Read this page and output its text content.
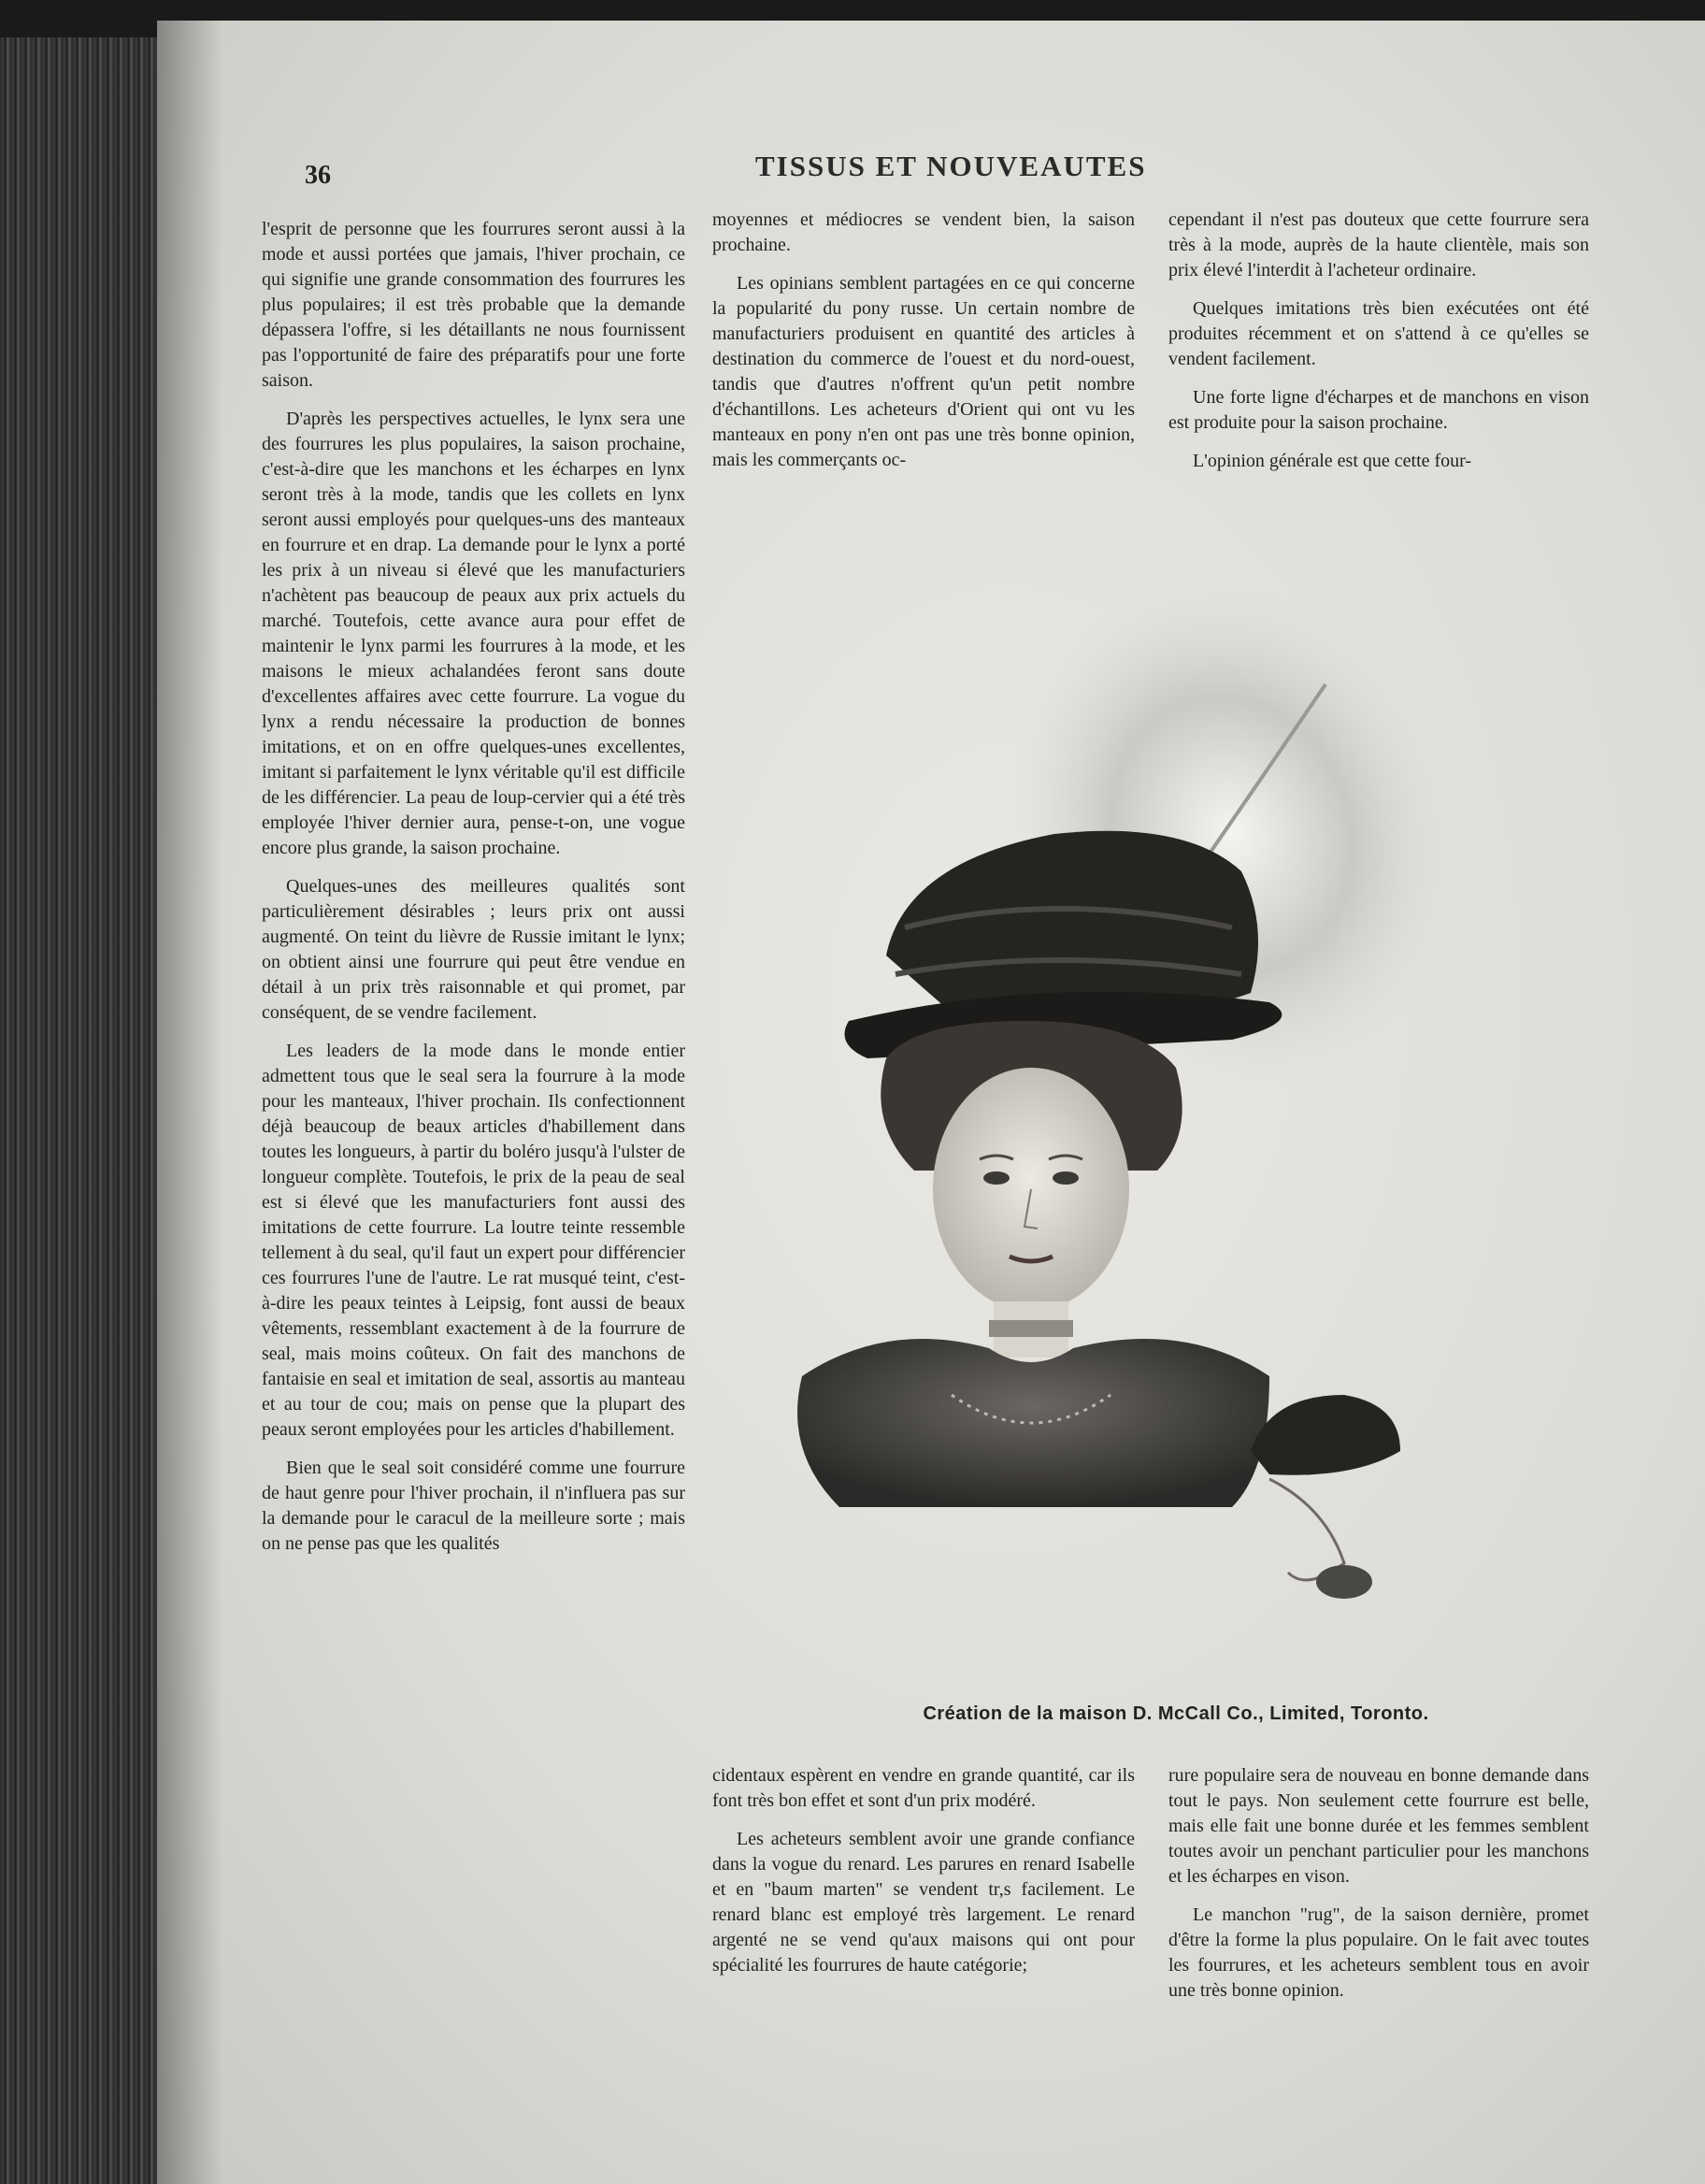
36	TISSUS ET NOUVEAUTES

l'esprit de personne que les fourrures seront aussi à la mode et aussi portées que jamais, l'hiver prochain, ce qui signifie une grande consommation des fourrures les plus populaires; il est très probable que la demande dépassera l'offre, si les détaillants ne nous fournissent pas l'opportunité de faire des préparatifs pour une forte saison.

D'après les perspectives actuelles, le lynx sera une des fourrures les plus populaires, la saison prochaine, c'est-à-dire que les manchons et les écharpes en lynx seront très à la mode, tandis que les collets en lynx seront aussi employés pour quelques-uns des manteaux en fourrure et en drap. La demande pour le lynx a porté les prix à un niveau si élevé que les manufacturiers n'achètent pas beaucoup de peaux aux prix actuels du marché. Toutefois, cette avance aura pour effet de maintenir le lynx parmi les fourrures à la mode, et les maisons le mieux achalandées feront sans doute d'excellentes affaires avec cette fourrure. La vogue du lynx a rendu nécessaire la production de bonnes imitations, et on en offre quelques-unes excellentes, imitant si parfaitement le lynx véritable qu'il est difficile de les différencier. La peau de loup-cervier qui a été très employée l'hiver dernier aura, pense-t-on, une vogue encore plus grande, la saison prochaine.

Quelques-unes des meilleures qualités sont particulièrement désirables ; leurs prix ont aussi augmenté. On teint du lièvre de Russie imitant le lynx; on obtient ainsi une fourrure qui peut être vendue en détail à un prix très raisonnable et qui promet, par conséquent, de se vendre facilement.

Les leaders de la mode dans le monde entier admettent tous que le seal sera la fourrure à la mode pour les manteaux, l'hiver prochain. Ils confectionnent déjà beaucoup de beaux articles d'habillement dans toutes les longueurs, à partir du boléro jusqu'à l'ulster de longueur complète. Toutefois, le prix de la peau de seal est si élevé que les manufacturiers font aussi des imitations de cette fourrure. La loutre teinte ressemble tellement à du seal, qu'il faut un expert pour différencier ces fourrures l'une de l'autre. Le rat musqué teint, c'est-à-dire les peaux teintes à Leipsig, font aussi de beaux vêtements, ressemblant exactement à de la fourrure de seal, mais moins coûteux. On fait des manchons de fantaisie en seal et imitation de seal, assortis au manteau et au tour de cou; mais on pense que la plupart des peaux seront employées pour les articles d'habillement.

Bien que le seal soit considéré comme une fourrure de haut genre pour l'hiver prochain, il n'influera pas sur la demande pour le caracul de la meilleure sorte ; mais on ne pense pas que les qualités

moyennes et médiocres se vendent bien, la saison prochaine.

Les opinians semblent partagées en ce qui concerne la popularité du pony russe. Un certain nombre de manufacturiers produisent en quantité des articles à destination du commerce de l'ouest et du nord-ouest, tandis que d'autres n'offrent qu'un petit nombre d'échantillons. Les acheteurs d'Orient qui ont vu les manteaux en pony n'en ont pas une très bonne opinion, mais les commerçants oc-

cependant il n'est pas douteux que cette fourrure sera très à la mode, auprès de la haute clientèle, mais son prix élevé l'interdit à l'acheteur ordinaire.

Quelques imitations très bien exécutées ont été produites récemment et on s'attend à ce qu'elles se vendent facilement.

Une forte ligne d'écharpes et de manchons en vison est produite pour la saison prochaine.

L'opinion générale est que cette four-

Création de la maison D. McCall Co., Limited, Toronto.

cidentaux espèrent en vendre en grande quantité, car ils font très bon effet et sont d'un prix modéré.

Les acheteurs semblent avoir une grande confiance dans la vogue du renard. Les parures en renard Isabelle et en "baum marten" se vendent tr,s facilement. Le renard blanc est employé très largement. Le renard argenté ne se vend qu'aux maisons qui ont pour spécialité les fourrures de haute catégorie;

rure populaire sera de nouveau en bonne demande dans tout le pays. Non seulement cette fourrure est belle, mais elle fait une bonne durée et les femmes semblent toutes avoir un penchant particulier pour les manchons et les écharpes en vison.

Le manchon "rug", de la saison dernière, promet d'être la forme la plus populaire. On le fait avec toutes les fourrures, et les acheteurs semblent tous en avoir une très bonne opinion.
